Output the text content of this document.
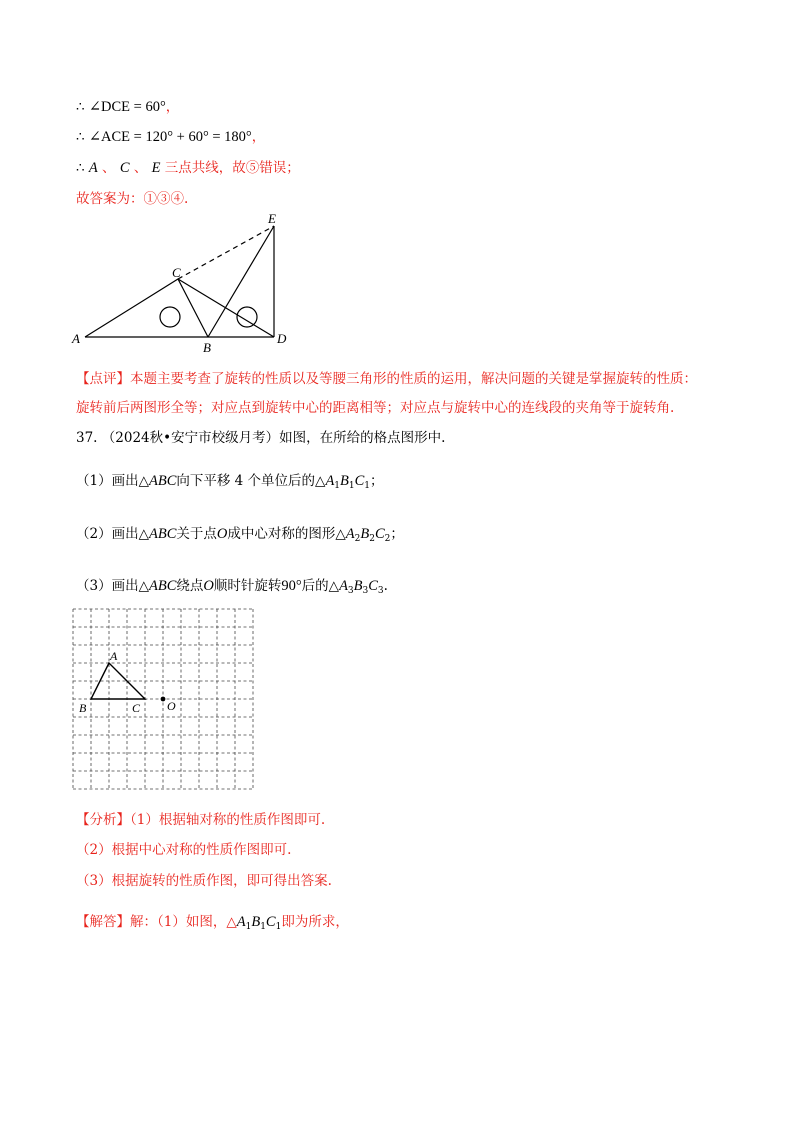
∴ ∠DCE = 60°，
∴ ∠ACE = 120° + 60° = 180°，
∴ A 、 C 、 E 三点共线，故⑤错误；
故答案为：①③④.
A
B
C
D
E
【点评】本题主要考查了旋转的性质以及等腰三角形的性质的运用，解决问题的关键是掌握旋转的性质：
旋转前后两图形全等；对应点到旋转中心的距离相等；对应点与旋转中心的连线段的夹角等于旋转角.
37. （2024秋•安宁市校级月考）如图，在所给的格点图形中.
（1）画出△ABC向下平移 4 个单位后的$\triangle A_1B_1C_1$；
（2）画出△ABC关于点O成中心对称的图形$\triangle A_2B_2C_2$；
（3）画出△ABC绕点O顺时针旋转90°后的$\triangle A_3B_3C_3$.
A
B	C O
【分析】（1）根据轴对称的性质作图即可.
（2）根据中心对称的性质作图即可.
（3）根据旋转的性质作图，即可得出答案.
【解答】解：（1）如图，$\triangle A_1B_1C_1$即为所求，
